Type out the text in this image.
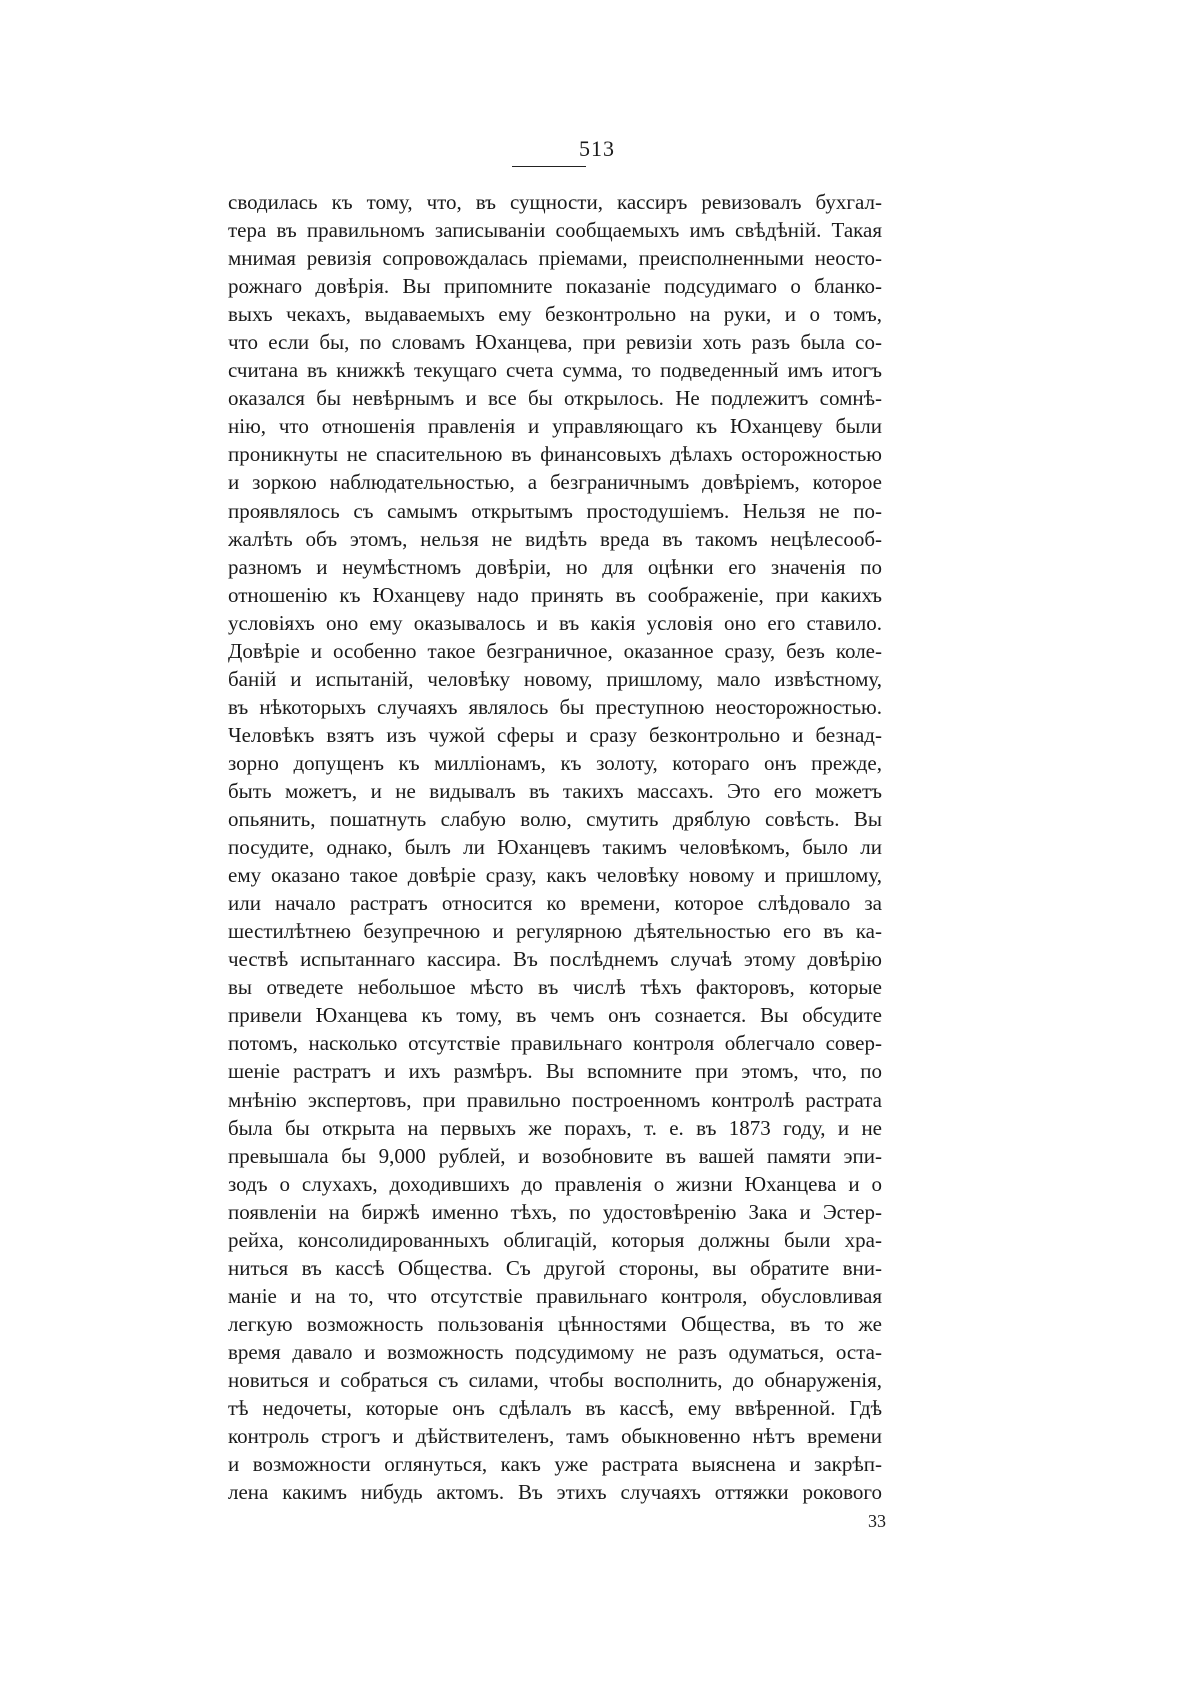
513
сводилась къ тому, что, въ сущности, кассиръ ревизовалъ бухгал-
тера въ правильномъ записываніи сообщаемыхъ имъ свѣдѣній. Такая
мнимая ревизія сопровождалась пріемами, преисполненными неосто-
рожнаго довѣрія. Вы припомните показаніе подсудимаго о бланко-
выхъ чекахъ, выдаваемыхъ ему безконтрольно на руки, и о томъ,
что если бы, по словамъ Юханцева, при ревизіи хоть разъ была со-
считана въ книжкѣ текущаго счета сумма, то подведенный имъ итогъ
оказался бы невѣрнымъ и все бы открылось. Не подлежитъ сомнѣ-
нію, что отношенія правленія и управляющаго къ Юханцеву были
проникнуты не спасительною въ финансовыхъ дѣлахъ осторожностью
и зоркою наблюдательностью, а безграничнымъ довѣріемъ, которое
проявлялось съ самымъ открытымъ простодушіемъ. Нельзя не по-
жалѣть объ этомъ, нельзя не видѣть вреда въ такомъ нецѣлесооб-
разномъ и неумѣстномъ довѣріи, но для оцѣнки его значенія по
отношенію къ Юханцеву надо принять въ соображеніе, при какихъ
условіяхъ оно ему оказывалось и въ какія условія оно его ставило.
Довѣріе и особенно такое безграничное, оказанное сразу, безъ коле-
баній и испытаній, человѣку новому, пришлому, мало извѣстному,
въ нѣкоторыхъ случаяхъ являлось бы преступною неосторожностью.
Человѣкъ взятъ изъ чужой сферы и сразу безконтрольно и безнад-
зорно допущенъ къ милліонамъ, къ золоту, котораго онъ прежде,
быть можетъ, и не видывалъ въ такихъ массахъ. Это его можетъ
опьянить, пошатнуть слабую волю, смутить дряблую совѣсть. Вы
посудите, однако, былъ ли Юханцевъ такимъ человѣкомъ, было ли
ему оказано такое довѣріе сразу, какъ человѣку новому и пришлому,
или начало растратъ относится ко времени, которое слѣдовало за
шестилѣтнею безупречною и регулярною дѣятельностью его въ ка-
чествѣ испытаннаго кассира. Въ послѣднемъ случаѣ этому довѣрію
вы отведете небольшое мѣсто въ числѣ тѣхъ факторовъ, которые
привели Юханцева къ тому, въ чемъ онъ сознается. Вы обсудите
потомъ, насколько отсутствіе правильнаго контроля облегчало совер-
шеніе растратъ и ихъ размѣръ. Вы вспомните при этомъ, что, по
мнѣнію экспертовъ, при правильно построенномъ контролѣ растрата
была бы открыта на первыхъ же порахъ, т. е. въ 1873 году, и не
превышала бы 9,000 рублей, и возобновите въ вашей памяти эпи-
зодъ о слухахъ, доходившихъ до правленія о жизни Юханцева и о
появленіи на биржѣ именно тѣхъ, по удостовѣренію Зака и Эстер-
рейха, консолидированныхъ облигацій, которыя должны были хра-
ниться въ кассѣ Общества. Съ другой стороны, вы обратите вни-
маніе и на то, что отсутствіе правильнаго контроля, обусловливая
легкую возможность пользованія цѣнностями Общества, въ то же
время давало и возможность подсудимому не разъ одуматься, оста-
новиться и собраться съ силами, чтобы восполнить, до обнаруженія,
тѣ недочеты, которые онъ сдѣлалъ въ кассѣ, ему ввѣренной. Гдѣ
контроль строгъ и дѣйствителенъ, тамъ обыкновенно нѣтъ времени
и возможности оглянуться, какъ уже растрата выяснена и закрѣп-
лена какимъ нибудь актомъ. Въ этихъ случаяхъ оттяжки рокового
33
